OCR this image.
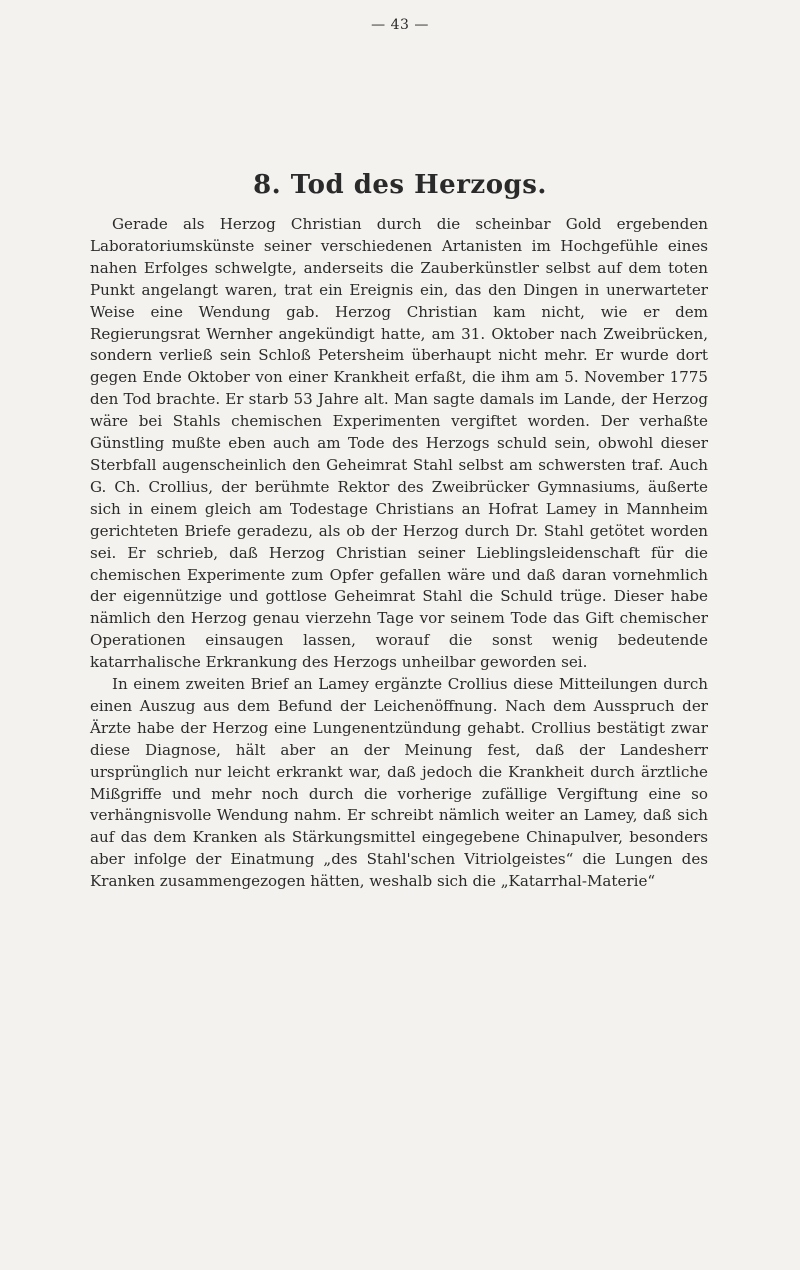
— 43 —
8. Tod des Herzogs.

Gerade als Herzog Christian durch die scheinbar Gold ergebenden Laboratoriumskünste seiner verschiedenen Artanisten im Hochgefühle eines nahen Erfolges schwelgte, anderseits die Zauberkünstler selbst auf dem toten Punkt angelangt waren, trat ein Ereignis ein, das den Dingen in unerwarteter Weise eine Wendung gab. Herzog Christian kam nicht, wie er dem Regierungsrat Wernher angekündigt hatte, am 31. Oktober nach Zweibrücken, sondern verließ sein Schloß Petersheim überhaupt nicht mehr. Er wurde dort gegen Ende Oktober von einer Krankheit erfaßt, die ihm am 5. November 1775 den Tod brachte. Er starb 53 Jahre alt. Man sagte damals im Lande, der Herzog wäre bei Stahls chemischen Experimenten vergiftet worden. Der verhaßte Günstling mußte eben auch am Tode des Herzogs schuld sein, obwohl dieser Sterbfall augenscheinlich den Geheimrat Stahl selbst am schwersten traf. Auch G. Ch. Crollius, der berühmte Rektor des Zweibrücker Gymnasiums, äußerte sich in einem gleich am Todestage Christians an Hofrat Lamey in Mannheim gerichteten Briefe geradezu, als ob der Herzog durch Dr. Stahl getötet worden sei. Er schrieb, daß Herzog Christian seiner Lieblingsleidenschaft für die chemischen Experimente zum Opfer gefallen wäre und daß daran vornehmlich der eigennützige und gottlose Geheimrat Stahl die Schuld trüge. Dieser habe nämlich den Herzog genau vierzehn Tage vor seinem Tode das Gift chemischer Operationen einsaugen lassen, worauf die sonst wenig bedeutende katarrhalische Erkrankung des Herzogs unheilbar geworden sei.

In einem zweiten Brief an Lamey ergänzte Crollius diese Mitteilungen durch einen Auszug aus dem Befund der Leichenöffnung. Nach dem Ausspruch der Ärzte habe der Herzog eine Lungenentzündung gehabt. Crollius bestätigt zwar diese Diagnose, hält aber an der Meinung fest, daß der Landesherr ursprünglich nur leicht erkrankt war, daß jedoch die Krankheit durch ärztliche Mißgriffe und mehr noch durch die vorherige zufällige Vergiftung eine so verhängnisvolle Wendung nahm. Er schreibt nämlich weiter an Lamey, daß sich auf das dem Kranken als Stärkungsmittel eingegebene Chinapulver, besonders aber infolge der Einatmung „des Stahl'schen Vitriolgeistes“ die Lungen des Kranken zusammengezogen hätten, weshalb sich die „Katarrhal-Materie“
